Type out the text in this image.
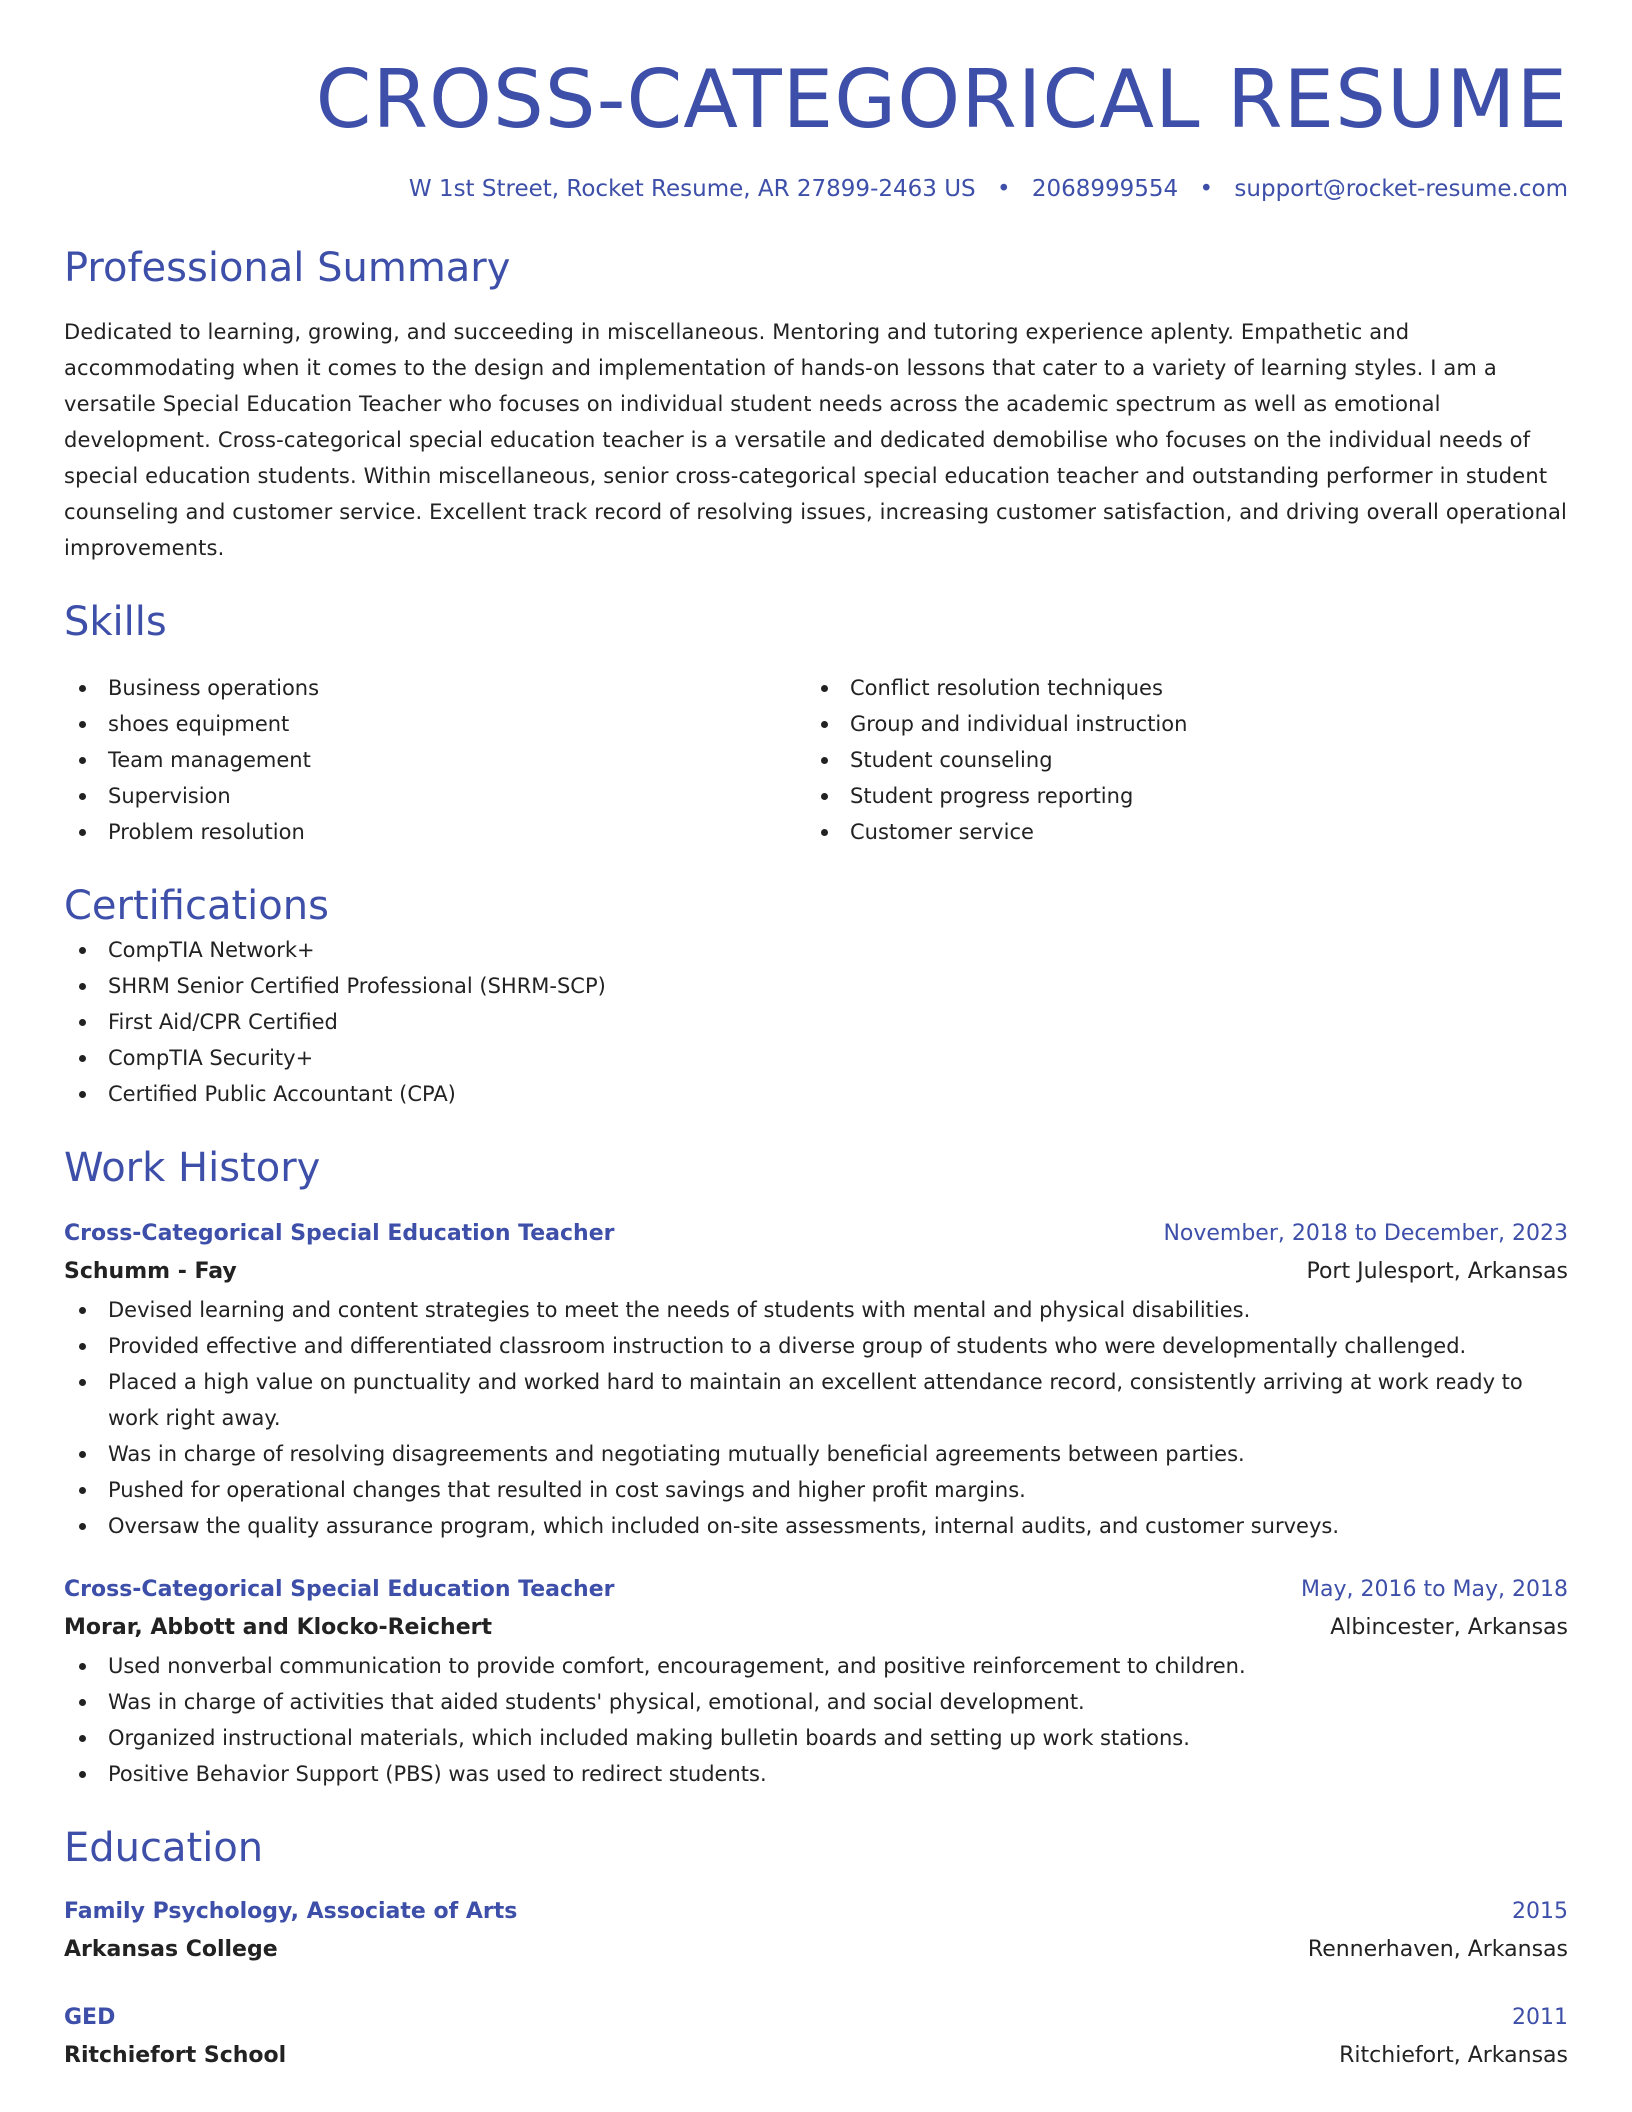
CROSS-CATEGORICAL RESUME
W 1st Street, Rocket Resume, AR 27899-2463 US • 2068999554 • support@rocket-resume.com
Professional Summary
Dedicated to learning, growing, and succeeding in miscellaneous. Mentoring and tutoring experience aplenty. Empathetic and accommodating when it comes to the design and implementation of hands-on lessons that cater to a variety of learning styles. I am a versatile Special Education Teacher who focuses on individual student needs across the academic spectrum as well as emotional development. Cross-categorical special education teacher is a versatile and dedicated demobilise who focuses on the individual needs of special education students. Within miscellaneous, senior cross-categorical special education teacher and outstanding performer in student counseling and customer service. Excellent track record of resolving issues, increasing customer satisfaction, and driving overall operational improvements.
Skills
Business operations
shoes equipment
Team management
Supervision
Problem resolution
Conflict resolution techniques
Group and individual instruction
Student counseling
Student progress reporting
Customer service
Certifications
CompTIA Network+
SHRM Senior Certified Professional (SHRM-SCP)
First Aid/CPR Certified
CompTIA Security+
Certified Public Accountant (CPA)
Work History
Cross-Categorical Special Education Teacher	November, 2018 to December, 2023
Schumm - Fay	Port Julesport, Arkansas
Devised learning and content strategies to meet the needs of students with mental and physical disabilities.
Provided effective and differentiated classroom instruction to a diverse group of students who were developmentally challenged.
Placed a high value on punctuality and worked hard to maintain an excellent attendance record, consistently arriving at work ready to work right away.
Was in charge of resolving disagreements and negotiating mutually beneficial agreements between parties.
Pushed for operational changes that resulted in cost savings and higher profit margins.
Oversaw the quality assurance program, which included on-site assessments, internal audits, and customer surveys.
Cross-Categorical Special Education Teacher	May, 2016 to May, 2018
Morar, Abbott and Klocko-Reichert	Albincester, Arkansas
Used nonverbal communication to provide comfort, encouragement, and positive reinforcement to children.
Was in charge of activities that aided students' physical, emotional, and social development.
Organized instructional materials, which included making bulletin boards and setting up work stations.
Positive Behavior Support (PBS) was used to redirect students.
Education
Family Psychology, Associate of Arts	2015
Arkansas College	Rennerhaven, Arkansas
GED	2011
Ritchiefort School	Ritchiefort, Arkansas
